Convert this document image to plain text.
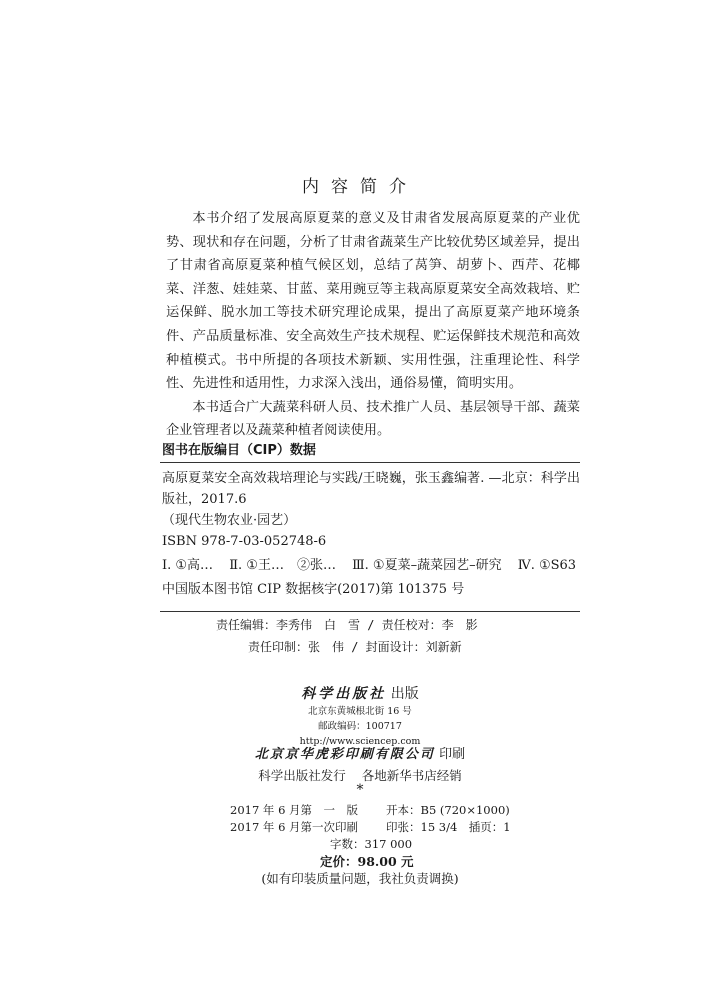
内容简介

本书介绍了发展高原夏菜的意义及甘肃省发展高原夏菜的产业优势、现状和存在问题，分析了甘肃省蔬菜生产比较优势区域差异，提出了甘肃省高原夏菜种植气候区划，总结了莴笋、胡萝卜、西芹、花椰菜、洋葱、娃娃菜、甘蓝、菜用豌豆等主栽高原夏菜安全高效栽培、贮运保鲜、脱水加工等技术研究理论成果，提出了高原夏菜产地环境条件、产品质量标准、安全高效生产技术规程、贮运保鲜技术规范和高效种植模式。书中所提的各项技术新颖、实用性强，注重理论性、科学性、先进性和适用性，力求深入浅出，通俗易懂，简明实用。

本书适合广大蔬菜科研人员、技术推广人员、基层领导干部、蔬菜企业管理者以及蔬菜种植者阅读使用。

图书在版编目（CIP）数据

高原夏菜安全高效栽培理论与实践/王晓巍，张玉鑫编著. —北京：科学出版社，2017.6

（现代生物农业·园艺）
ISBN 978-7-03-052748-6
Ⅰ. ①高… Ⅱ. ①王…　②张… Ⅲ. ①夏菜–蔬菜园艺–研究 Ⅳ. ①S63
中国版本图书馆 CIP 数据核字(2017)第 101375 号
责任编辑：李秀伟　白　雪 / 责任校对：李　影
责任印制：张　伟 / 封面设计：刘新新
科学出版社 出版
北京东黄城根北街 16 号
邮政编码：100717
http://www.sciencep.com
北京京华虎彩印刷有限公司 印刷
科学出版社发行 各地新华书店经销
*
2017 年 6 月第　一　版 开本：B5 (720×1000)
2017 年 6 月第一次印刷 印张：15 3/4　插页：1
字数：317 000
定价：98.00 元
(如有印装质量问题，我社负责调换)
